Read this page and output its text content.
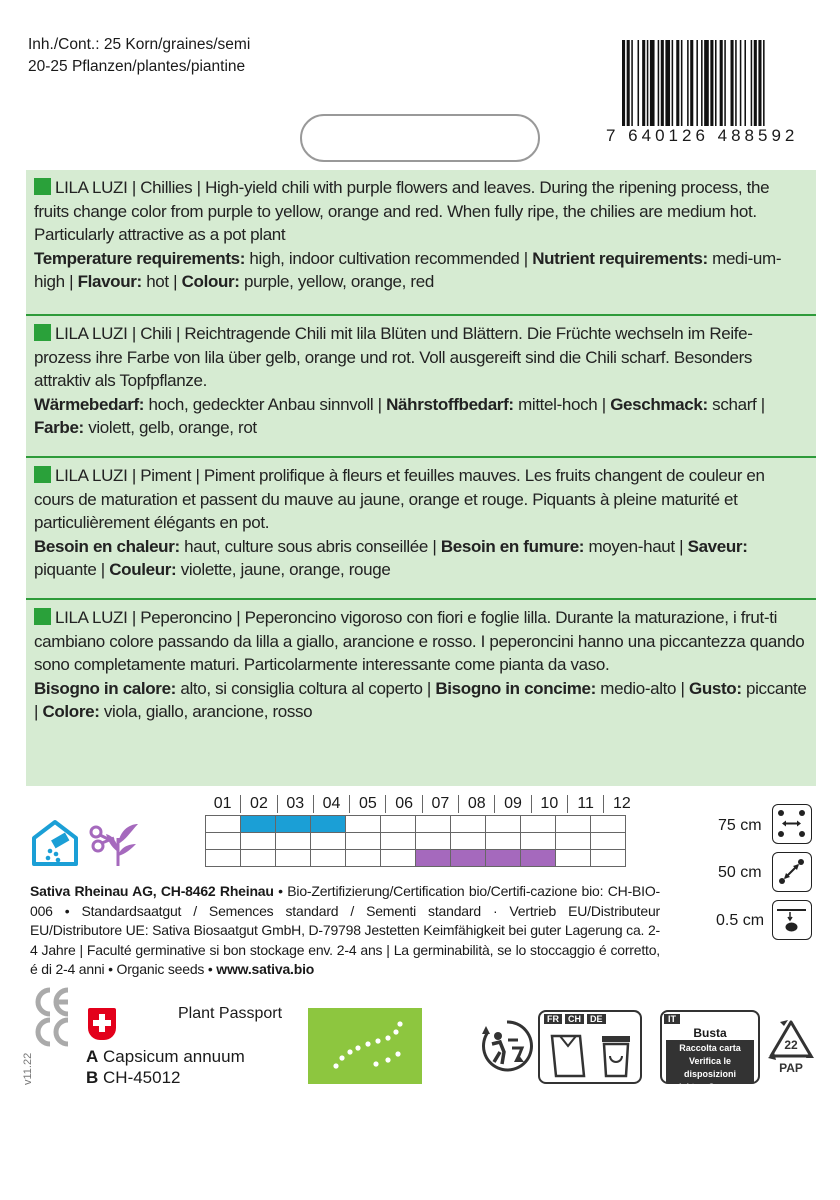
Inh./Cont.: 25 Korn/graines/semi
20-25 Pflanzen/plantes/piantine
7 640126 488592
LILA LUZI | Chillies | High-yield chili with purple flowers and leaves. During the ripening process, the fruits change color from purple to yellow, orange and red. When fully ripe, the chilies are medium hot. Particularly attractive as a pot plant
Temperature requirements: high, indoor cultivation recommended | Nutrient requirements: medi-um-high | Flavour: hot | Colour: purple, yellow, orange, red
LILA LUZI | Chili | Reichtragende Chili mit lila Blüten und Blättern. Die Früchte wechseln im Reife-prozess ihre Farbe von lila über gelb, orange und rot. Voll ausgereift sind die Chili scharf. Besonders attraktiv als Topfpflanze.
Wärmebedarf: hoch, gedeckter Anbau sinnvoll | Nährstoffbedarf: mittel-hoch | Geschmack: scharf | Farbe: violett, gelb, orange, rot
LILA LUZI | Piment | Piment prolifique à fleurs et feuilles mauves. Les fruits changent de couleur en cours de maturation et passent du mauve au jaune, orange et rouge. Piquants à pleine maturité et particulièrement élégants en pot.
Besoin en chaleur: haut, culture sous abris conseillée | Besoin en fumure: moyen-haut | Saveur: piquante | Couleur: violette, jaune, orange, rouge
LILA LUZI | Peperoncino | Peperoncino vigoroso con fiori e foglie lilla. Durante la maturazione, i frut-ti cambiano colore passando da lilla a giallo, arancione e rosso. I peperoncini hanno una piccantezza quando sono completamente maturi. Particolarmente interessante come pianta da vaso.
Bisogno in calore: alto, si consiglia coltura al coperto | Bisogno in concime: medio-alto | Gusto: piccante | Colore: viola, giallo, arancione, rosso
01 02 03 04 05 06 07 08 09 10 11 12

75 cm
50 cm
0.5 cm
Sativa Rheinau AG, CH-8462 Rheinau • Bio-Zertifizierung/Certification bio/Certifi-cazione bio: CH-BIO-006 • Standardsaatgut / Semences standard / Sementi standard · Vertrieb EU/Distributeur EU/Distributore UE: Sativa Biosaatgut GmbH, D-79798 Jestetten Keimfähigkeit bei guter Lagerung ca. 2-4 Jahre | Faculté germinative si bon stockage env. 2-4 ans | La germinabilità, se lo stoccaggio é corretto, é di 2-4 anni • Organic seeds • www.sativa.bio
v11.22
Plant Passport
A Capsicum annuum
B CH-45012
FR	CH	DE	IT
Busta
Raccolta carta
Verifica le disposizioni
del tuo Comune
22
PAP
